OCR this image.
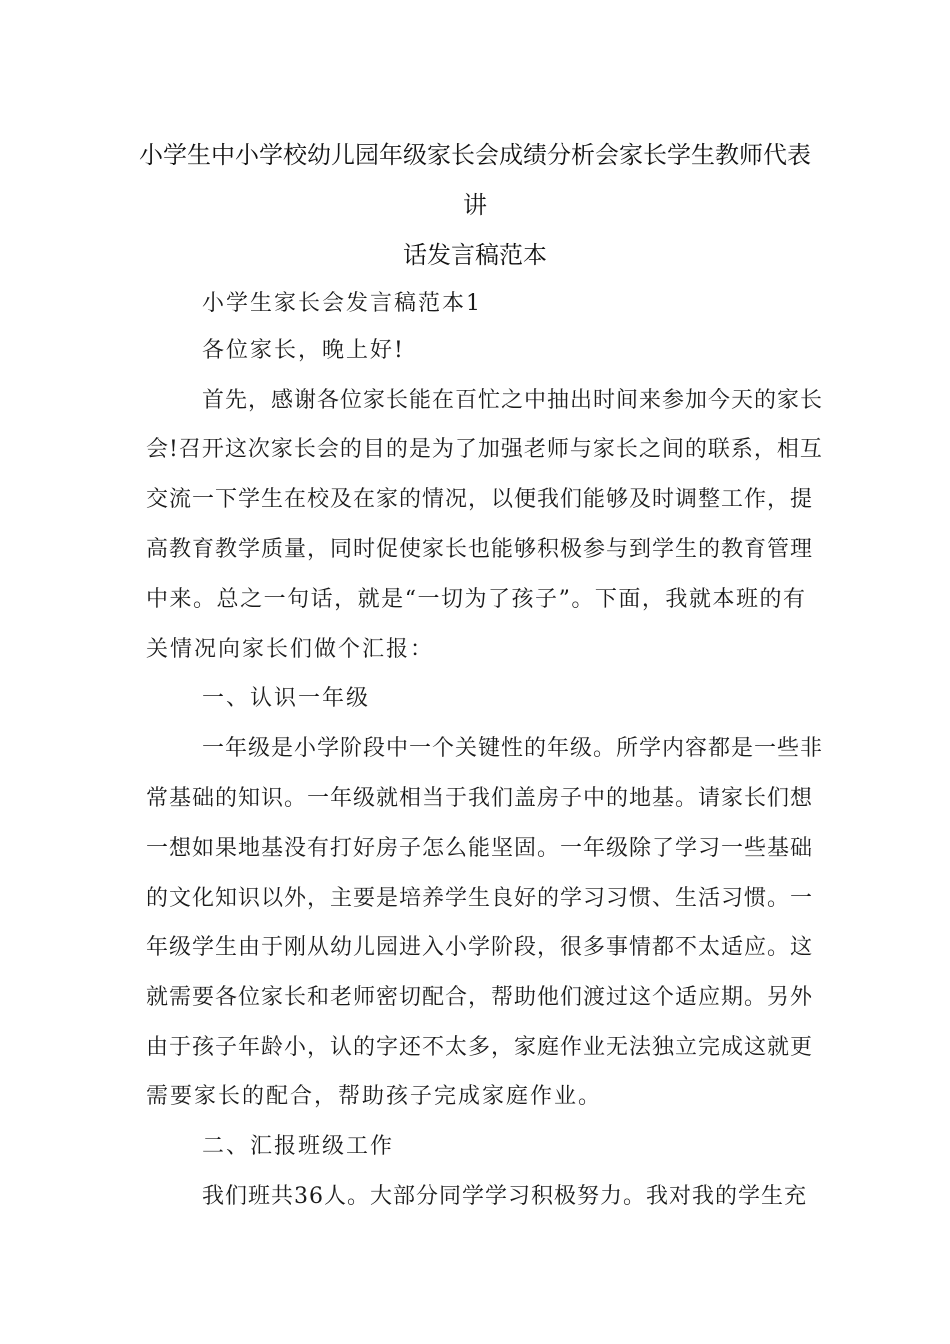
小学生中小学校幼儿园年级家长会成绩分析会家长学生教师代表讲
话发言稿范本
小学生家长会发言稿范本1
各位家长，晚上好!
首先，感谢各位家长能在百忙之中抽出时间来参加今天的家长
会!召开这次家长会的目的是为了加强老师与家长之间的联系，相互
交流一下学生在校及在家的情况，以便我们能够及时调整工作，提
高教育教学质量，同时促使家长也能够积极参与到学生的教育管理
中来。总之一句话，就是“一切为了孩子”。下面，我就本班的有
关情况向家长们做个汇报：
一、认识一年级
一年级是小学阶段中一个关键性的年级。所学内容都是一些非
常基础的知识。一年级就相当于我们盖房子中的地基。请家长们想
一想如果地基没有打好房子怎么能坚固。一年级除了学习一些基础
的文化知识以外，主要是培养学生良好的学习习惯、生活习惯。一
年级学生由于刚从幼儿园进入小学阶段，很多事情都不太适应。这
就需要各位家长和老师密切配合，帮助他们渡过这个适应期。另外
由于孩子年龄小，认的字还不太多，家庭作业无法独立完成这就更
需要家长的配合，帮助孩子完成家庭作业。
二、汇报班级工作
我们班共36人。大部分同学学习积极努力。我对我的学生充
